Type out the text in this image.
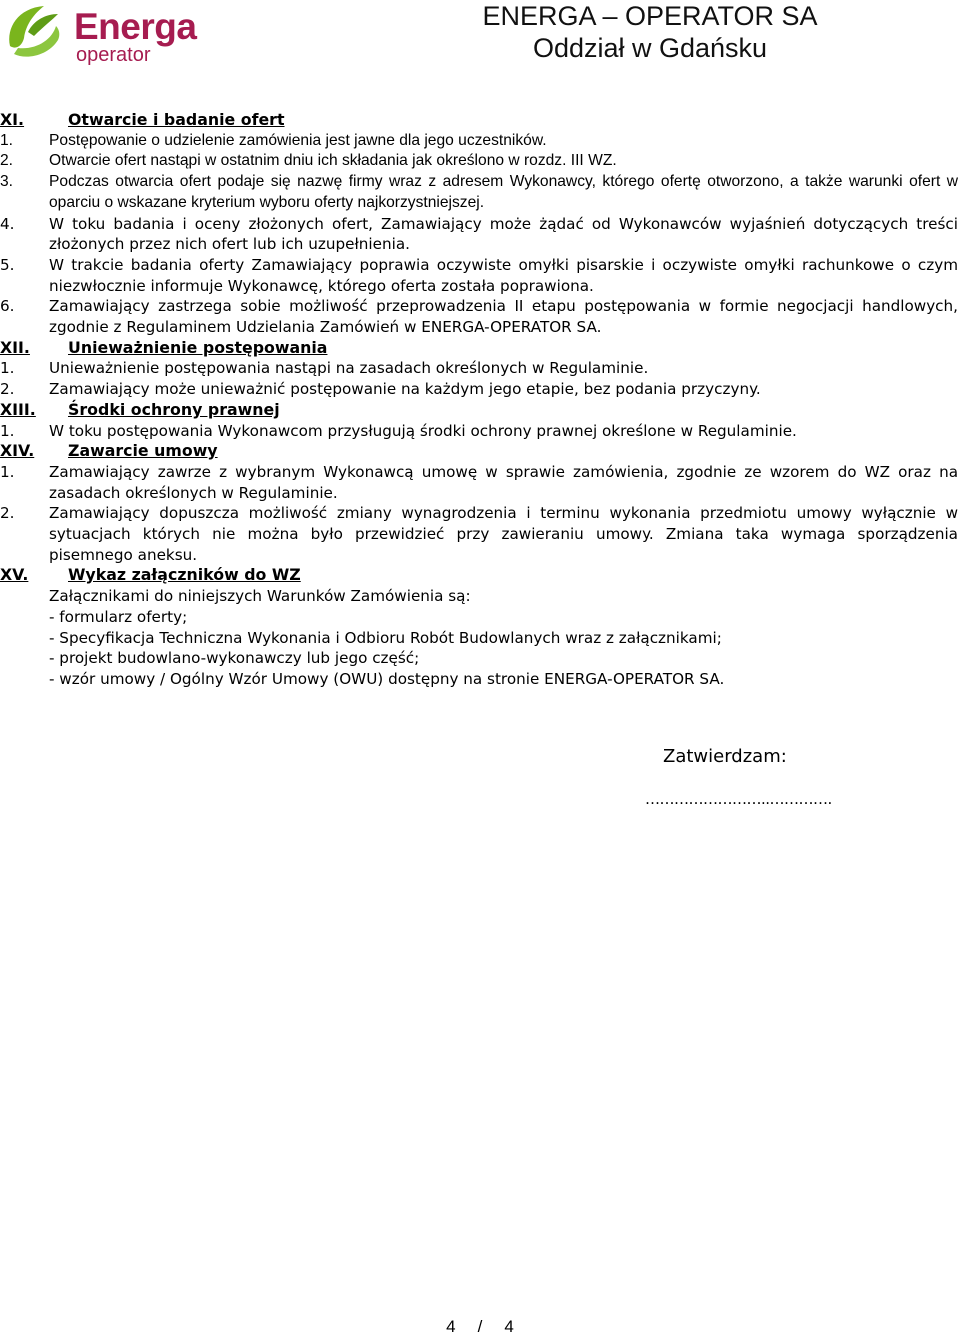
Energa
operator
ENERGA – OPERATOR SA
Oddział w Gdańsku
XI.	Otwarcie i badanie ofert
1. Postępowanie o udzielenie zamówienia jest jawne dla jego uczestników.
2. Otwarcie ofert nastąpi w ostatnim dniu ich składania jak określono w rozdz. III WZ.
3. Podczas otwarcia ofert podaje się nazwę firmy wraz z adresem Wykonawcy, którego ofertę otworzono, a także warunki ofert w oparciu o wskazane kryterium wyboru oferty najkorzystniejszej.
4. W toku badania i oceny złożonych ofert, Zamawiający może żądać od Wykonawców wyjaśnień dotyczących treści złożonych przez nich ofert lub ich uzupełnienia.
5. W trakcie badania oferty Zamawiający poprawia oczywiste omyłki pisarskie i oczywiste omyłki rachunkowe o czym niezwłocznie informuje Wykonawcę, którego oferta została poprawiona.
6. Zamawiający zastrzega sobie możliwość przeprowadzenia II etapu postępowania w formie negocjacji handlowych, zgodnie z Regulaminem Udzielania Zamówień w ENERGA-OPERATOR SA.
XII. Unieważnienie postępowania
1. Unieważnienie postępowania nastąpi na zasadach określonych w Regulaminie.
2. Zamawiający może unieważnić postępowanie na każdym jego etapie, bez podania przyczyny.
XIII. Środki ochrony prawnej
1. W toku postępowania Wykonawcom przysługują środki ochrony prawnej określone w Regulaminie.
XIV. Zawarcie umowy
1. Zamawiający zawrze z wybranym Wykonawcą umowę w sprawie zamówienia, zgodnie ze wzorem do WZ oraz na zasadach określonych w Regulaminie.
2. Zamawiający dopuszcza możliwość zmiany wynagrodzenia i terminu wykonania przedmiotu umowy wyłącznie w sytuacjach których nie można było przewidzieć przy zawieraniu umowy. Zmiana taka wymaga sporządzenia pisemnego aneksu.
XV.	Wykaz załączników do WZ
Załącznikami do niniejszych Warunków Zamówienia są:
- formularz oferty;
- Specyfikacja Techniczna Wykonania i Odbioru Robót Budowlanych wraz z załącznikami;
- projekt budowlano-wykonawczy lub jego część;
- wzór umowy / Ogólny Wzór Umowy (OWU) dostępny na stronie ENERGA-OPERATOR SA.
Zatwierdzam:
……………………..………….
4 / 4
